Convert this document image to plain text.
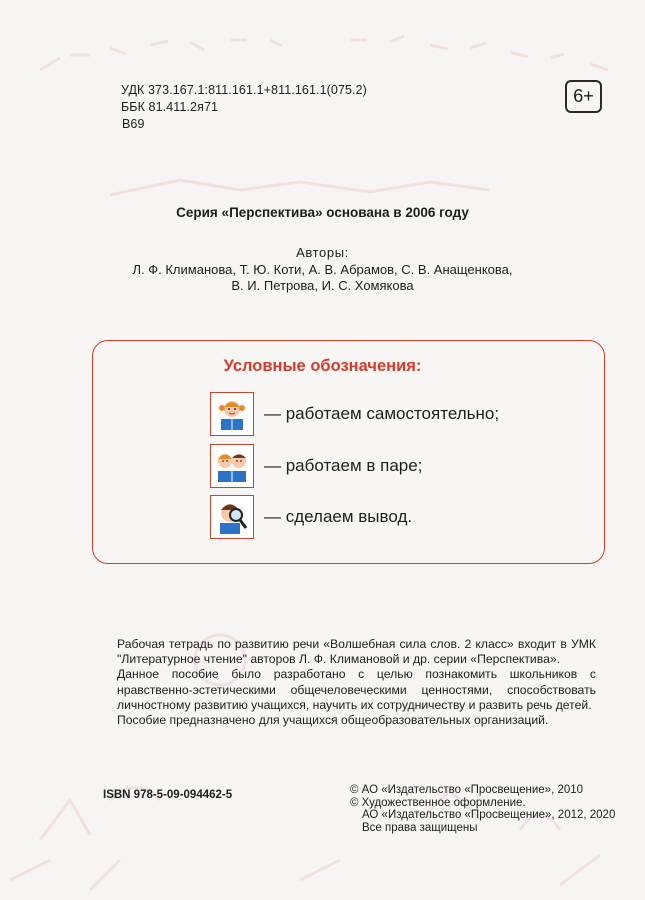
УДК 373.167.1:811.161.1+811.161.1(075.2)
ББК 81.411.2я71
В69
6+
Серия «Перспектива» основана в 2006 году
Авторы:
Л. Ф. Климанова, Т. Ю. Коти, А. В. Абрамов, С. В. Анащенкова,
В. И. Петрова, И. С. Хомякова
Условные обозначения:
— работаем самостоятельно;
— работаем в паре;
— сделаем вывод.

Рабочая тетрадь по развитию речи «Волшебная сила слов. 2 класс» входит в УМК "Литературное чтение" авторов Л. Ф. Климановой и др. серии «Перспектива».

Данное пособие было разработано с целью познакомить школьников с нравственно-эстетическими общечеловеческими ценностями, способствовать личностному развитию учащихся, научить их сотрудничеству и развить речь детей.

Пособие предназначено для учащихся общеобразовательных организаций.

ISBN 978-5-09-094462-5	© АО «Издательство «Просвещение», 2010
© Художественное оформление.
АО «Издательство «Просвещение», 2012, 2020
Все права защищены
